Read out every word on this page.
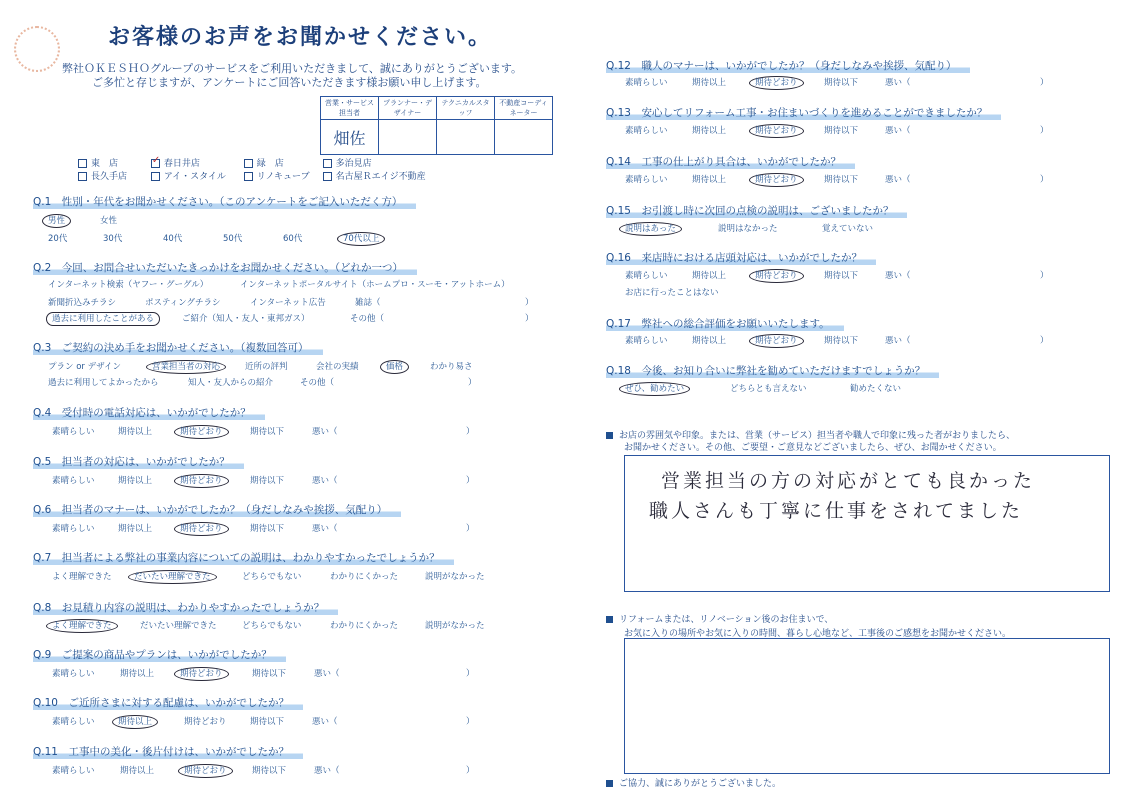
お客様のお声をお聞かせください。
弊社ＯＫＥＳＨＯグループのサービスをご利用いただきまして、誠にありがとうございます。
ご多忙と存じますが、アンケートにご回答いただきます様お願い申し上げます。
営業・サービス担当者	プランナー・デザイナー	テクニカルスタッフ	不動産コーディネーター
畑佐			
東　店	✓ 春日井店	緑　店	多治見店
長久手店	アイ・スタイル	リノキューブ	名古屋Ｒエイジ不動産
Q.1　性別・年代をお聞かせください。（このアンケートをご記入いただく方）
男性	女性
20代	30代	40代	50代	60代	70代以上
Q.2　今回、お問合せいただいたきっかけをお聞かせください。（どれか一つ）
インターネット検索（ヤフー・グーグル）	インターネットポータルサイト（ホームプロ・スーモ・アットホーム）
新聞折込みチラシ	ポスティングチラシ	インターネット広告	雑誌（	）
過去に利用したことがある	ご紹介（知人・友人・東邦ガス）	その他（	）
Q.3　ご契約の決め手をお聞かせください。（複数回答可）
プラン or デザイン	営業担当者の対応	近所の評判	会社の実績	価格	わかり易さ
過去に利用してよかったから	知人・友人からの紹介	その他（	）
Q.4　受付時の電話対応は、いかがでしたか？
素晴らしい	期待以上	期待どおり	期待以下	悪い（	）
Q.5　担当者の対応は、いかがでしたか？
素晴らしい	期待以上	期待どおり	期待以下	悪い（	）
Q.6　担当者のマナーは、いかがでしたか？（身だしなみや挨拶、気配り）
素晴らしい	期待以上	期待どおり	期待以下	悪い（	）
Q.7　担当者による弊社の事業内容についての説明は、わかりやすかったでしょうか？
よく理解できた	だいたい理解できた	どちらでもない	わかりにくかった	説明がなかった
Q.8　お見積り内容の説明は、わかりやすかったでしょうか？
よく理解できた	だいたい理解できた	どちらでもない	わかりにくかった	説明がなかった
Q.9　ご提案の商品やプランは、いかがでしたか？
素晴らしい	期待以上	期待どおり	期待以下	悪い（	）
Q.10　ご近所さまに対する配慮は、いかがでしたか？
素晴らしい	期待以上	期待どおり	期待以下	悪い（	）
Q.11　工事中の美化・後片付けは、いかがでしたか？
素晴らしい	期待以上	期待どおり	期待以下	悪い（	）
Q.12　職人のマナーは、いかがでしたか？（身だしなみや挨拶、気配り）
素晴らしい	期待以上	期待どおり	期待以下	悪い（	）
Q.13　安心してリフォーム工事・お住まいづくりを進めることができましたか？
素晴らしい	期待以上	期待どおり	期待以下	悪い（	）
Q.14　工事の仕上がり具合は、いかがでしたか？
素晴らしい	期待以上	期待どおり	期待以下	悪い（	）
Q.15　お引渡し時に次回の点検の説明は、ございましたか？
説明はあった	説明はなかった	覚えていない
Q.16　来店時における店頭対応は、いかがでしたか？
素晴らしい	期待以上	期待どおり	期待以下	悪い（	）
お店に行ったことはない
Q.17　弊社への総合評価をお願いいたします。
素晴らしい	期待以上	期待どおり	期待以下	悪い（	）
Q.18　今後、お知り合いに弊社を勧めていただけますでしょうか？
ぜひ、勧めたい	どちらとも言えない	勧めたくない
お店の雰囲気や印象。または、営業（サービス）担当者や職人で印象に残った者がおりましたら、
お聞かせください。その他、ご要望・ご意見などございましたら、ぜひ、お聞かせください。
営業担当の方の対応がとても良かった
職人さんも丁寧に仕事をされてました
リフォームまたは、リノベーション後のお住まいで、
お気に入りの場所やお気に入りの時間、暮らし心地など、工事後のご感想をお聞かせください。
ご協力、誠にありがとうございました。
